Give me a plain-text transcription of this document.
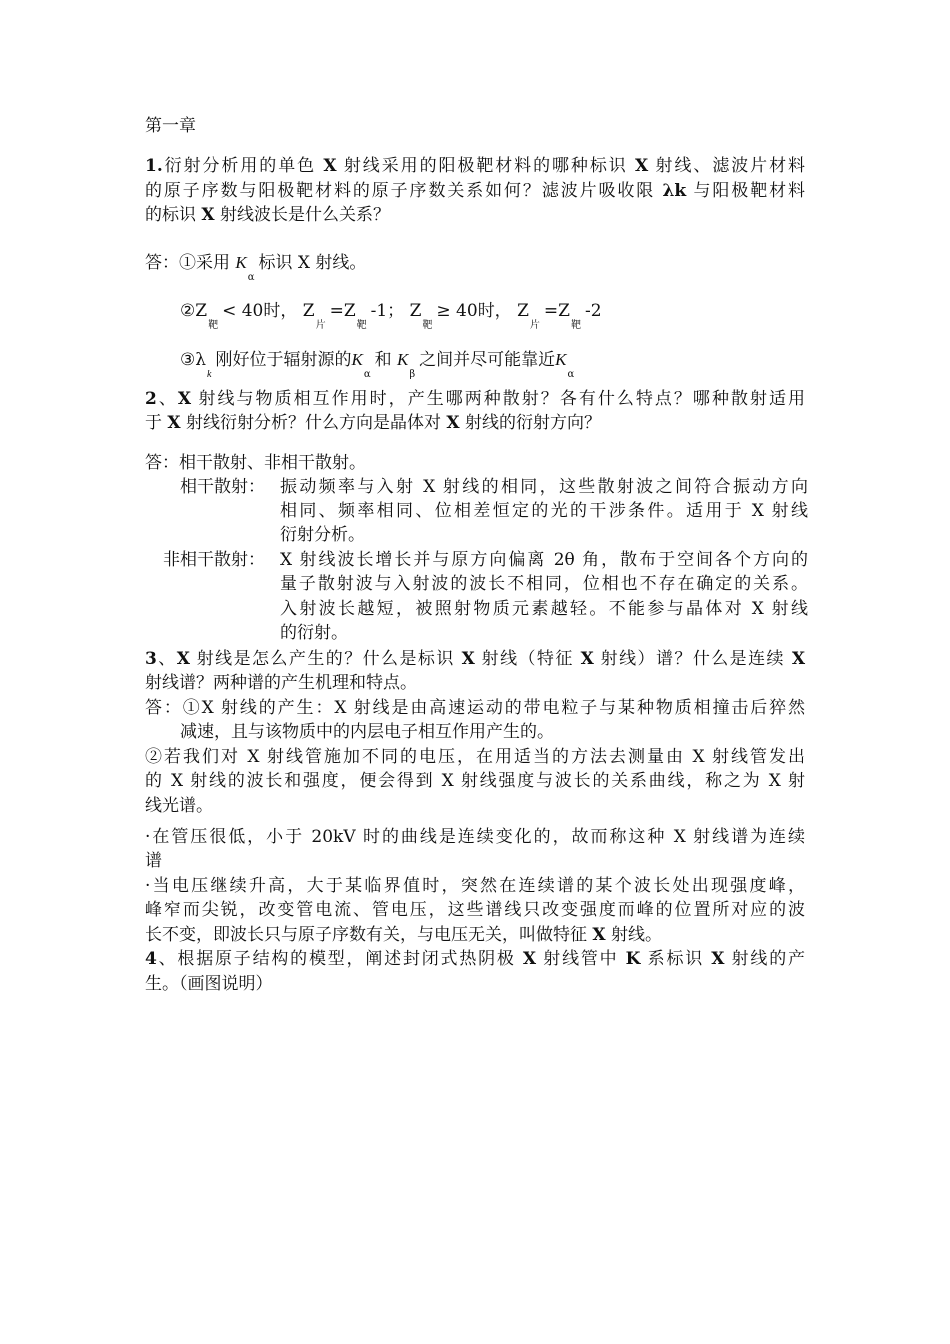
第一章
1.衍射分析用的单色 X 射线采用的阳极靶材料的哪种标识 X 射线、滤波片材料
的原子序数与阳极靶材料的原子序数关系如何？滤波片吸收限 λk 与阳极靶材料
的标识 X 射线波长是什么关系？
答：①采用 $K_\alpha$标识 X 射线。
$②Z_靶< 40$时， $Z_片=Z_靶-1$； $Z_靶\ge 40$时， $Z_片=Z_靶-2$
$③\lambda_k$刚好位于辐射源的$K_\alpha$和 $K_\beta$之间并尽可能靠近$K_\alpha$
2、X 射线与物质相互作用时，产生哪两种散射？各有什么特点？哪种散射适用
于 X 射线衍射分析？什么方向是晶体对 X 射线的衍射方向？
答：相干散射、非相干散射。
相干散射： 振动频率与入射 X 射线的相同，这些散射波之间符合振动方向
相同、频率相同、位相差恒定的光的干涉条件。适用于 X 射线
衍射分析。
非相干散射： X 射线波长增长并与原方向偏离 2θ 角，散布于空间各个方向的
量子散射波与入射波的波长不相同，位相也不存在确定的关系。
入射波长越短，被照射物质元素越轻。不能参与晶体对 X 射线
的衍射。
3、X 射线是怎么产生的？什么是标识 X 射线（特征 X 射线）谱？什么是连续 X
射线谱？两种谱的产生机理和特点。
答：①X 射线的产生：X 射线是由高速运动的带电粒子与某种物质相撞击后猝然
减速，且与该物质中的内层电子相互作用产生的。
②若我们对 X 射线管施加不同的电压，在用适当的方法去测量由 X 射线管发出
的 X 射线的波长和强度，便会得到 X 射线强度与波长的关系曲线，称之为 X 射
线光谱。
·在管压很低，小于 20kV 时的曲线是连续变化的，故而称这种 X 射线谱为连续
谱
·当电压继续升高，大于某临界值时，突然在连续谱的某个波长处出现强度峰，
峰窄而尖锐，改变管电流、管电压，这些谱线只改变强度而峰的位置所对应的波
长不变，即波长只与原子序数有关，与电压无关，叫做特征 X 射线。
4、根据原子结构的模型，阐述封闭式热阴极 X 射线管中 K 系标识 X 射线的产
生。（画图说明）
